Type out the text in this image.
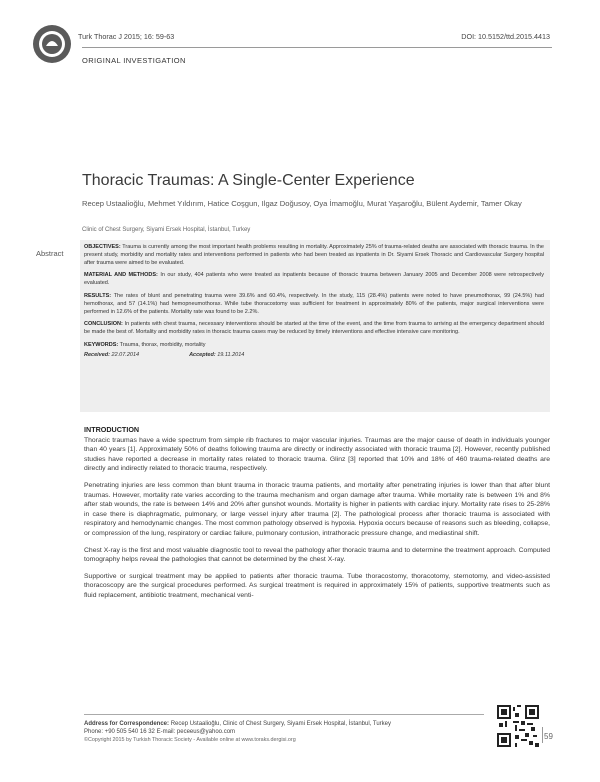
Turk Thorac J 2015; 16: 59-63	DOI: 10.5152/ttd.2015.4413
ORIGINAL INVESTIGATION
Thoracic Traumas: A Single-Center Experience
Recep Ustaalioğlu, Mehmet Yıldırım, Hatice Coşgun, Ilgaz Doğusoy, Oya İmamoğlu, Murat Yaşaroğlu, Bülent Aydemir, Tamer Okay
Clinic of Chest Surgery, Siyami Ersek Hospital, İstanbul, Turkey
Abstract

OBJECTIVES: Trauma is currently among the most important health problems resulting in mortality. Approximately 25% of trauma-related deaths are associated with thoracic trauma. In the present study, morbidity and mortality rates and interventions performed in patients who had been treated as inpatients in Dr. Siyami Ersek Thoracic and Cardiovascular Surgery hospital after trauma were aimed to be evaluated.

MATERIAL AND METHODS: In our study, 404 patients who were treated as inpatients because of thoracic trauma between January 2005 and December 2008 were retrospectively evaluated.

RESULTS: The rates of blunt and penetrating trauma were 39.6% and 60.4%, respectively. In the study, 115 (28.4%) patients were noted to have pneumothorax, 99 (24.5%) had hemothorax, and 57 (14.1%) had hemopneumothorax. While tube thoracostomy was sufficient for treatment in approximately 80% of the patients, major surgical interventions were performed in 12.6% of the patients. Mortality rate was found to be 2.2%.

CONCLUSION: In patients with chest trauma, necessary interventions should be started at the time of the event, and the time from trauma to arriving at the emergency department should be made the best of. Mortality and morbidity rates in thoracic trauma cases may be reduced by timely interventions and effective intensive care monitoring.

KEYWORDS: Trauma, thorax, morbidity, mortality
Received: 22.07.2014	Accepted: 19.11.2014
INTRODUCTION

Thoracic traumas have a wide spectrum from simple rib fractures to major vascular injuries. Traumas are the major cause of death in individuals younger than 40 years [1]. Approximately 50% of deaths following trauma are directly or indirectly associated with thoracic trauma [2]. However, recently published studies have reported a decrease in mortality rates related to thoracic trauma. Glinz [3] reported that 10% and 18% of 460 trauma-related deaths are directly and indirectly related to thoracic trauma, respectively.

Penetrating injuries are less common than blunt trauma in thoracic trauma patients, and mortality after penetrating injuries is lower than that after blunt traumas. However, mortality rate varies according to the trauma mechanism and organ damage after trauma. While mortality rate is between 1% and 8% after stab wounds, the rate is between 14% and 20% after gunshot wounds. Mortality is higher in patients with cardiac injury. Mortality rate rises to 25-28% in case there is diaphragmatic, pulmonary, or large vessel injury after trauma [2]. The pathological process after thoracic trauma is associated with respiratory and hemodynamic changes. The most common pathology observed is hypoxia. Hypoxia occurs because of reasons such as bleeding, collapse, or compression of the lung, respiratory or cardiac failure, pulmonary contusion, intrathoracic pressure change, and mediastinal shift.

Chest X-ray is the first and most valuable diagnostic tool to reveal the pathology after thoracic trauma and to determine the treatment approach. Computed tomography helps reveal the pathologies that cannot be determined by the chest X-ray.

Supportive or surgical treatment may be applied to patients after thoracic trauma. Tube thoracostomy, thoracotomy, sternotomy, and video-assisted thoracoscopy are the surgical procedures performed. As surgical treatment is required in approximately 15% of patients, supportive treatments such as fluid replacement, antibiotic treatment, mechanical venti-

Address for Correspondence: Recep Ustaalioğlu, Clinic of Chest Surgery, Siyami Ersek Hospital, İstanbul, Turkey
Phone: +90 505 540 16 32 E-mail: peceeus@yahoo.com
©Copyright 2015 by Turkish Thoracic Society - Available online at www.toraks.dergisi.org	59
